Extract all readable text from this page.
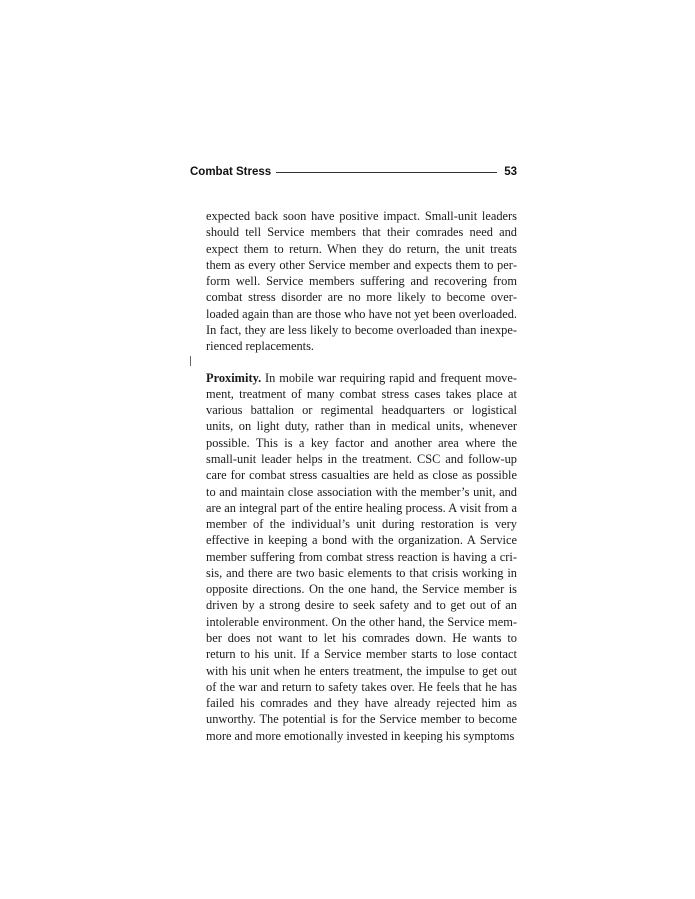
Combat Stress	53

expected back soon have positive impact. Small-unit leaders should tell Service members that their comrades need and expect them to return. When they do return, the unit treats them as every other Service member and expects them to perform well. Service members suffering and recovering from combat stress disorder are no more likely to become overloaded again than are those who have not yet been overloaded. In fact, they are less likely to become overloaded than inexperienced replacements.

Proximity. In mobile war requiring rapid and frequent movement, treatment of many combat stress cases takes place at various battalion or regimental headquarters or logistical units, on light duty, rather than in medical units, whenever possible. This is a key factor and another area where the small-unit leader helps in the treatment. CSC and follow-up care for combat stress casualties are held as close as possible to and maintain close association with the member’s unit, and are an integral part of the entire healing process. A visit from a member of the individual’s unit during restoration is very effective in keeping a bond with the organization. A Service member suffering from combat stress reaction is having a crisis, and there are two basic elements to that crisis working in opposite directions. On the one hand, the Service member is driven by a strong desire to seek safety and to get out of an intolerable environment. On the other hand, the Service member does not want to let his comrades down. He wants to return to his unit. If a Service member starts to lose contact with his unit when he enters treatment, the impulse to get out of the war and return to safety takes over. He feels that he has failed his comrades and they have already rejected him as unworthy. The potential is for the Service member to become more and more emotionally invested in keeping his symptoms
